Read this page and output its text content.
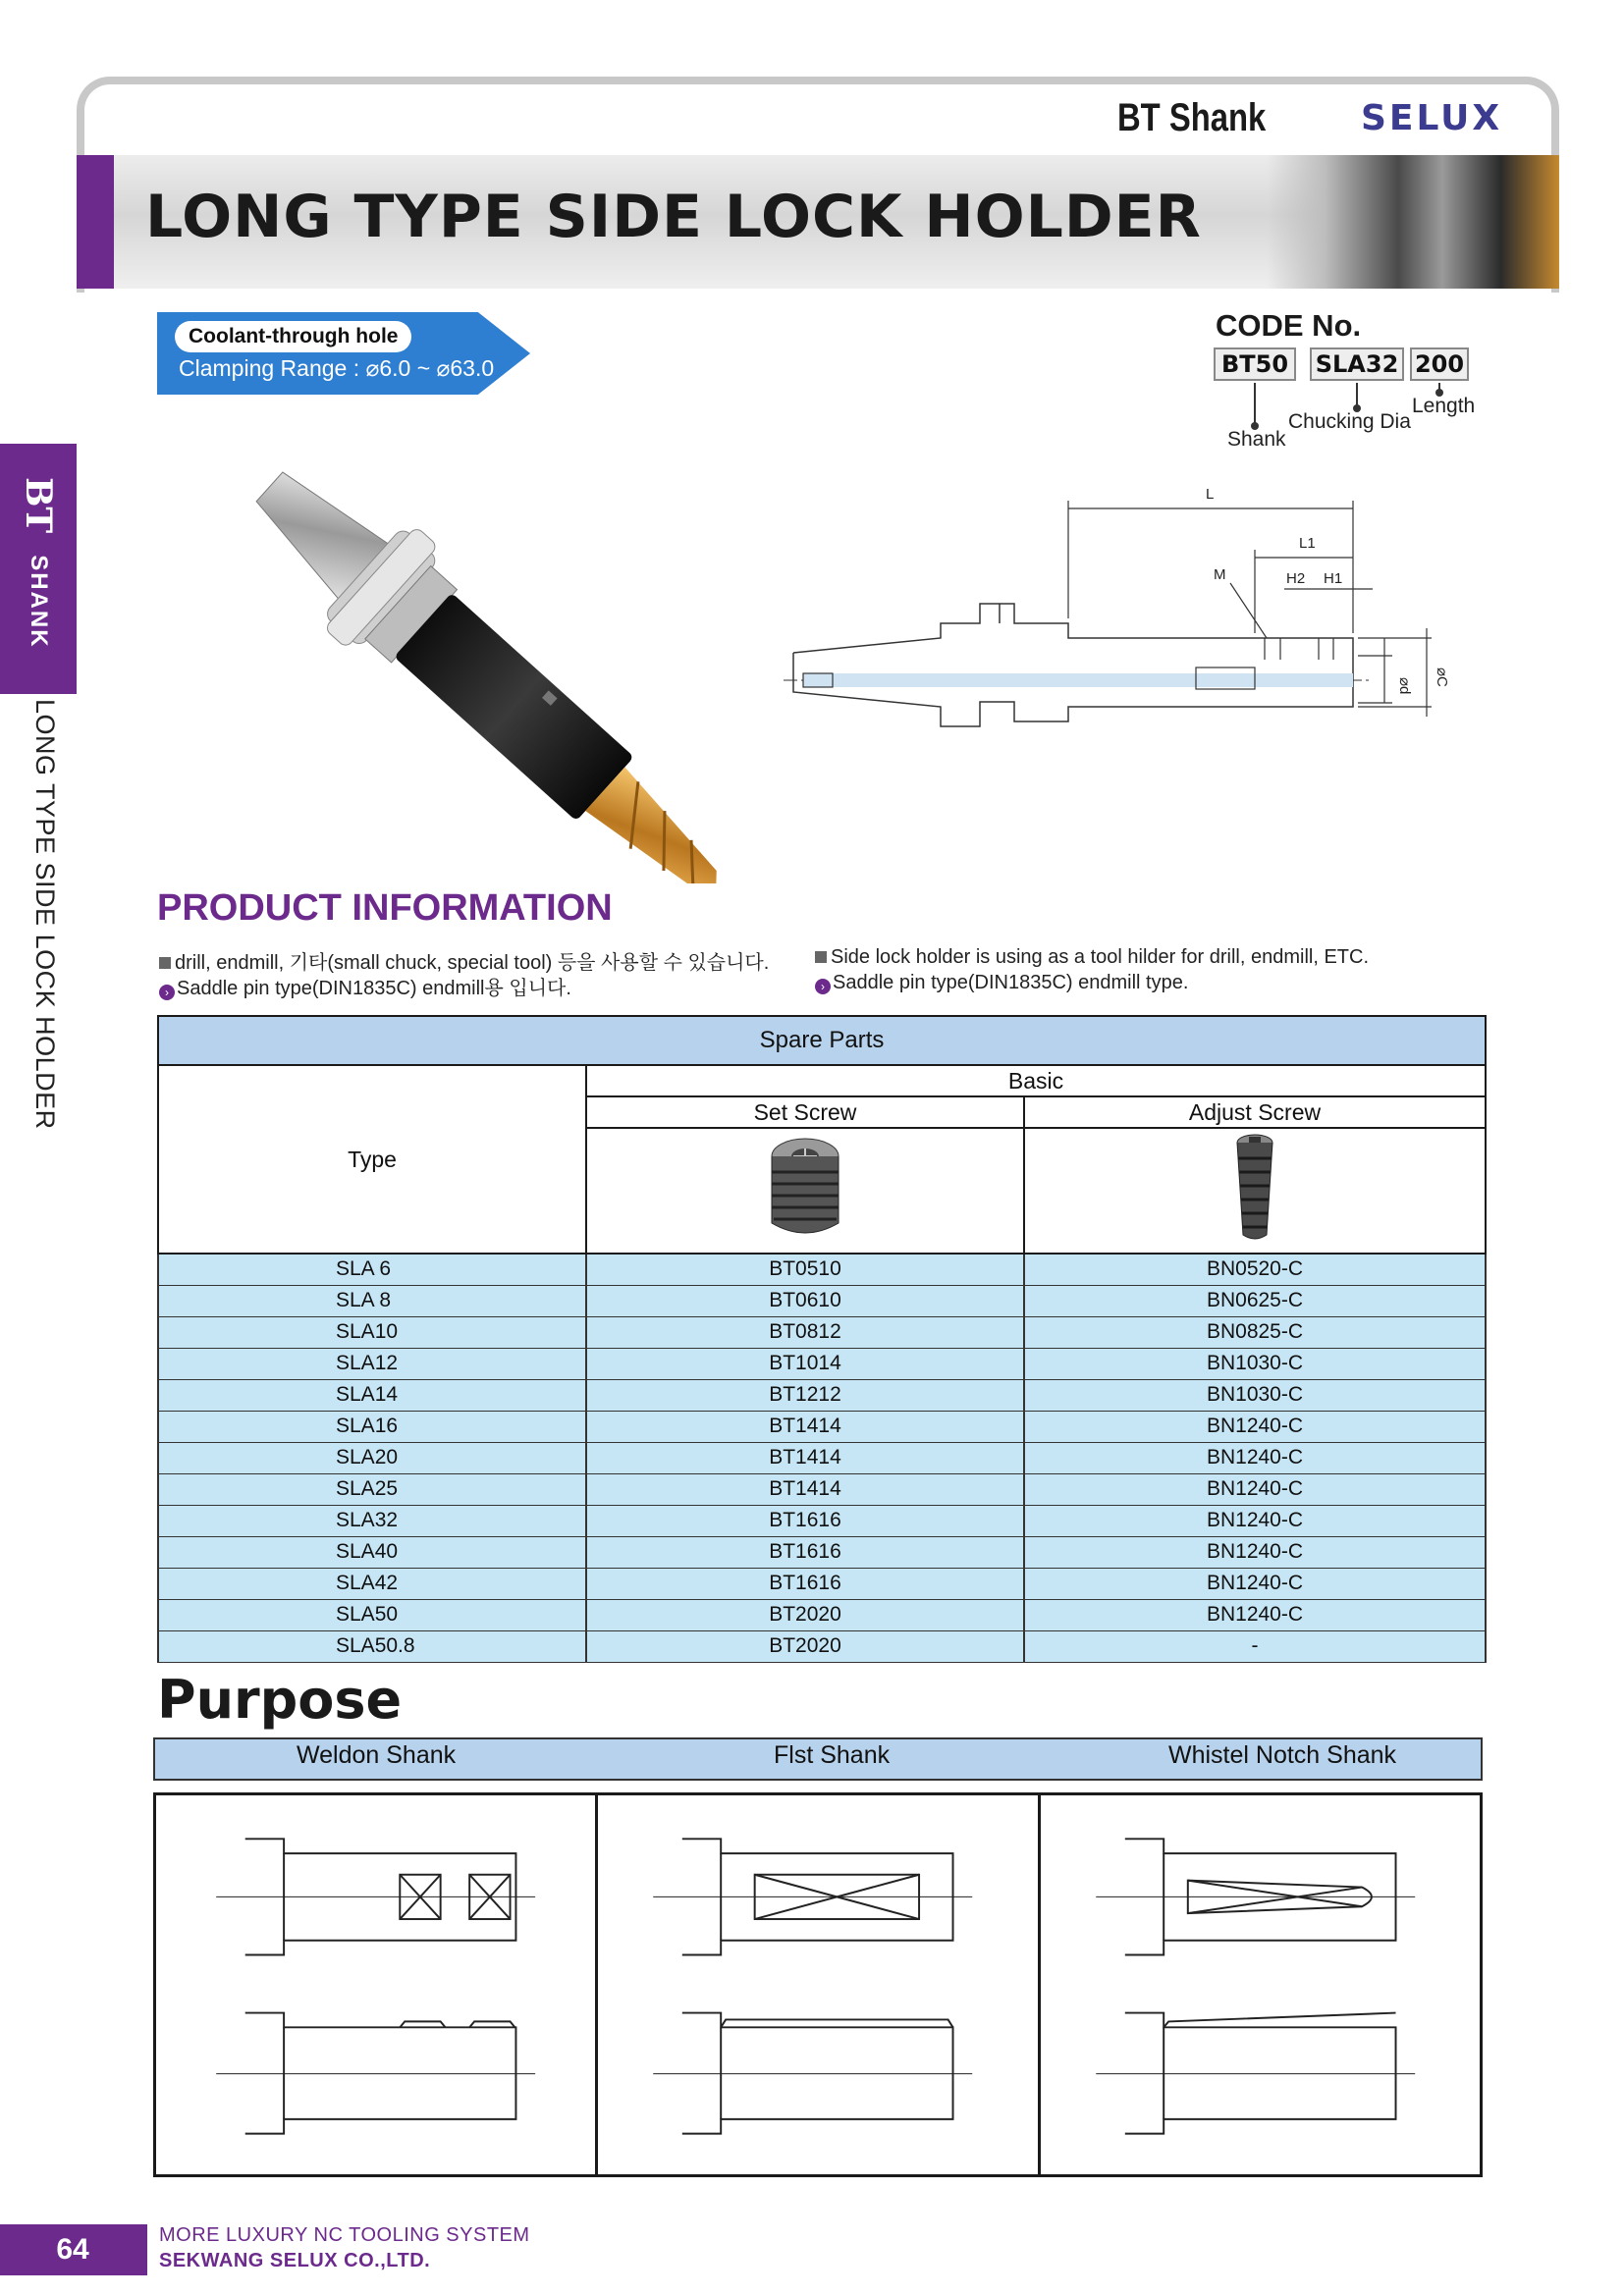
BT Shank	SELUX
LONG TYPE SIDE LOCK HOLDER
BT
SHANK
LONG TYPE SIDE LOCK HOLDER
Coolant-through hole
Clamping Range : ⌀6.0 ~ ⌀63.0
CODE No.
BT50	SLA32 200
Shank
Chucking Dia
Length
L
L1
M	H2 H1
⌀d ⌀C
PRODUCT INFORMATION
drill, endmill, 기타(small chuck, special tool) 등을 사용할 수 있습니다.
› Saddle pin type(DIN1835C) endmill용 입니다.
Side lock holder is using as a tool hilder for drill, endmill, ETC.
› Saddle pin type(DIN1835C) endmill type.
Spare Parts		
Type	Basic	
	Set Screw	Adjust Screw

SLA 6	BT0510	BN0520-C
SLA 8	BT0610	BN0625-C
SLA10	BT0812	BN0825-C
SLA12	BT1014	BN1030-C
SLA14	BT1212	BN1030-C
SLA16	BT1414	BN1240-C
SLA20	BT1414	BN1240-C
SLA25	BT1414	BN1240-C
SLA32	BT1616	BN1240-C
SLA40	BT1616	BN1240-C
SLA42	BT1616	BN1240-C
SLA50	BT2020	BN1240-C
SLA50.8	BT2020	-
Purpose
Weldon Shank	Flst Shank	Whistel Notch Shank
64	MORE LUXURY NC TOOLING SYSTEM
SEKWANG SELUX CO.,LTD.
